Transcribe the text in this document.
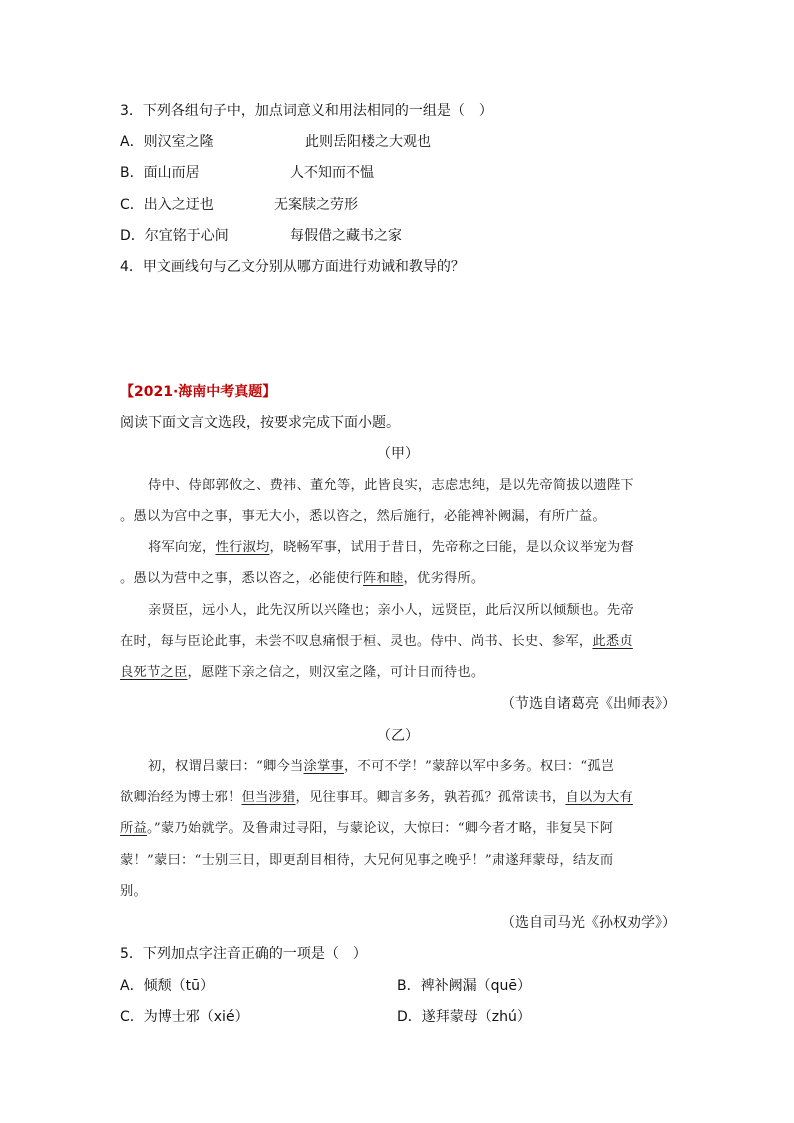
3．下列各组句子中，加点词意义和用法相同的一组是（　）
A．则汉室之隆	此则岳阳楼之大观也
B．面山而居	人不知而不愠
C．出入之迂也	无案牍之劳形
D．尔宜铭于心间	每假借之藏书之家
4．甲文画线句与乙文分别从哪方面进行劝诫和教导的？
【2021·海南中考真题】
阅读下面文言文选段，按要求完成下面小题。
（甲）
侍中、侍郎郭攸之、费祎、董允等，此皆良实，志虑忠纯，是以先帝简拔以遗陛下
。愚以为宫中之事，事无大小，悉以咨之，然后施行，必能裨补阙漏，有所广益。
将军向宠，性行淑均，晓畅军事，试用于昔日，先帝称之曰能，是以众议举宠为督
。愚以为营中之事，悉以咨之，必能使行阵和睦，优劣得所。
亲贤臣，远小人，此先汉所以兴隆也；亲小人，远贤臣，此后汉所以倾颓也。先帝
在时，每与臣论此事，未尝不叹息痛恨于桓、灵也。侍中、尚书、长史、参军，此悉贞
良死节之臣，愿陛下亲之信之，则汉室之隆，可计日而待也。
（节选自诸葛亮《出师表》）
（乙）
初，权谓吕蒙曰：“卿今当涂掌事，不可不学！”蒙辞以军中多务。权曰：“孤岂
欲卿治经为博士邪！但当涉猎，见往事耳。卿言多务，孰若孤？孤常读书，自以为大有
所益。”蒙乃始就学。及鲁肃过寻阳，与蒙论议，大惊曰：“卿今者才略，非复吴下阿
蒙！”蒙曰：“士别三日，即更刮目相待，大兄何见事之晚乎！”肃遂拜蒙母，结友而
别。
（选自司马光《孙权劝学》）
5．下列加点字注音正确的一项是（　）
A．倾颓（tū）	B．裨补阙漏（quē）
C．为博士邪（xié）	D．遂拜蒙母（zhú）
